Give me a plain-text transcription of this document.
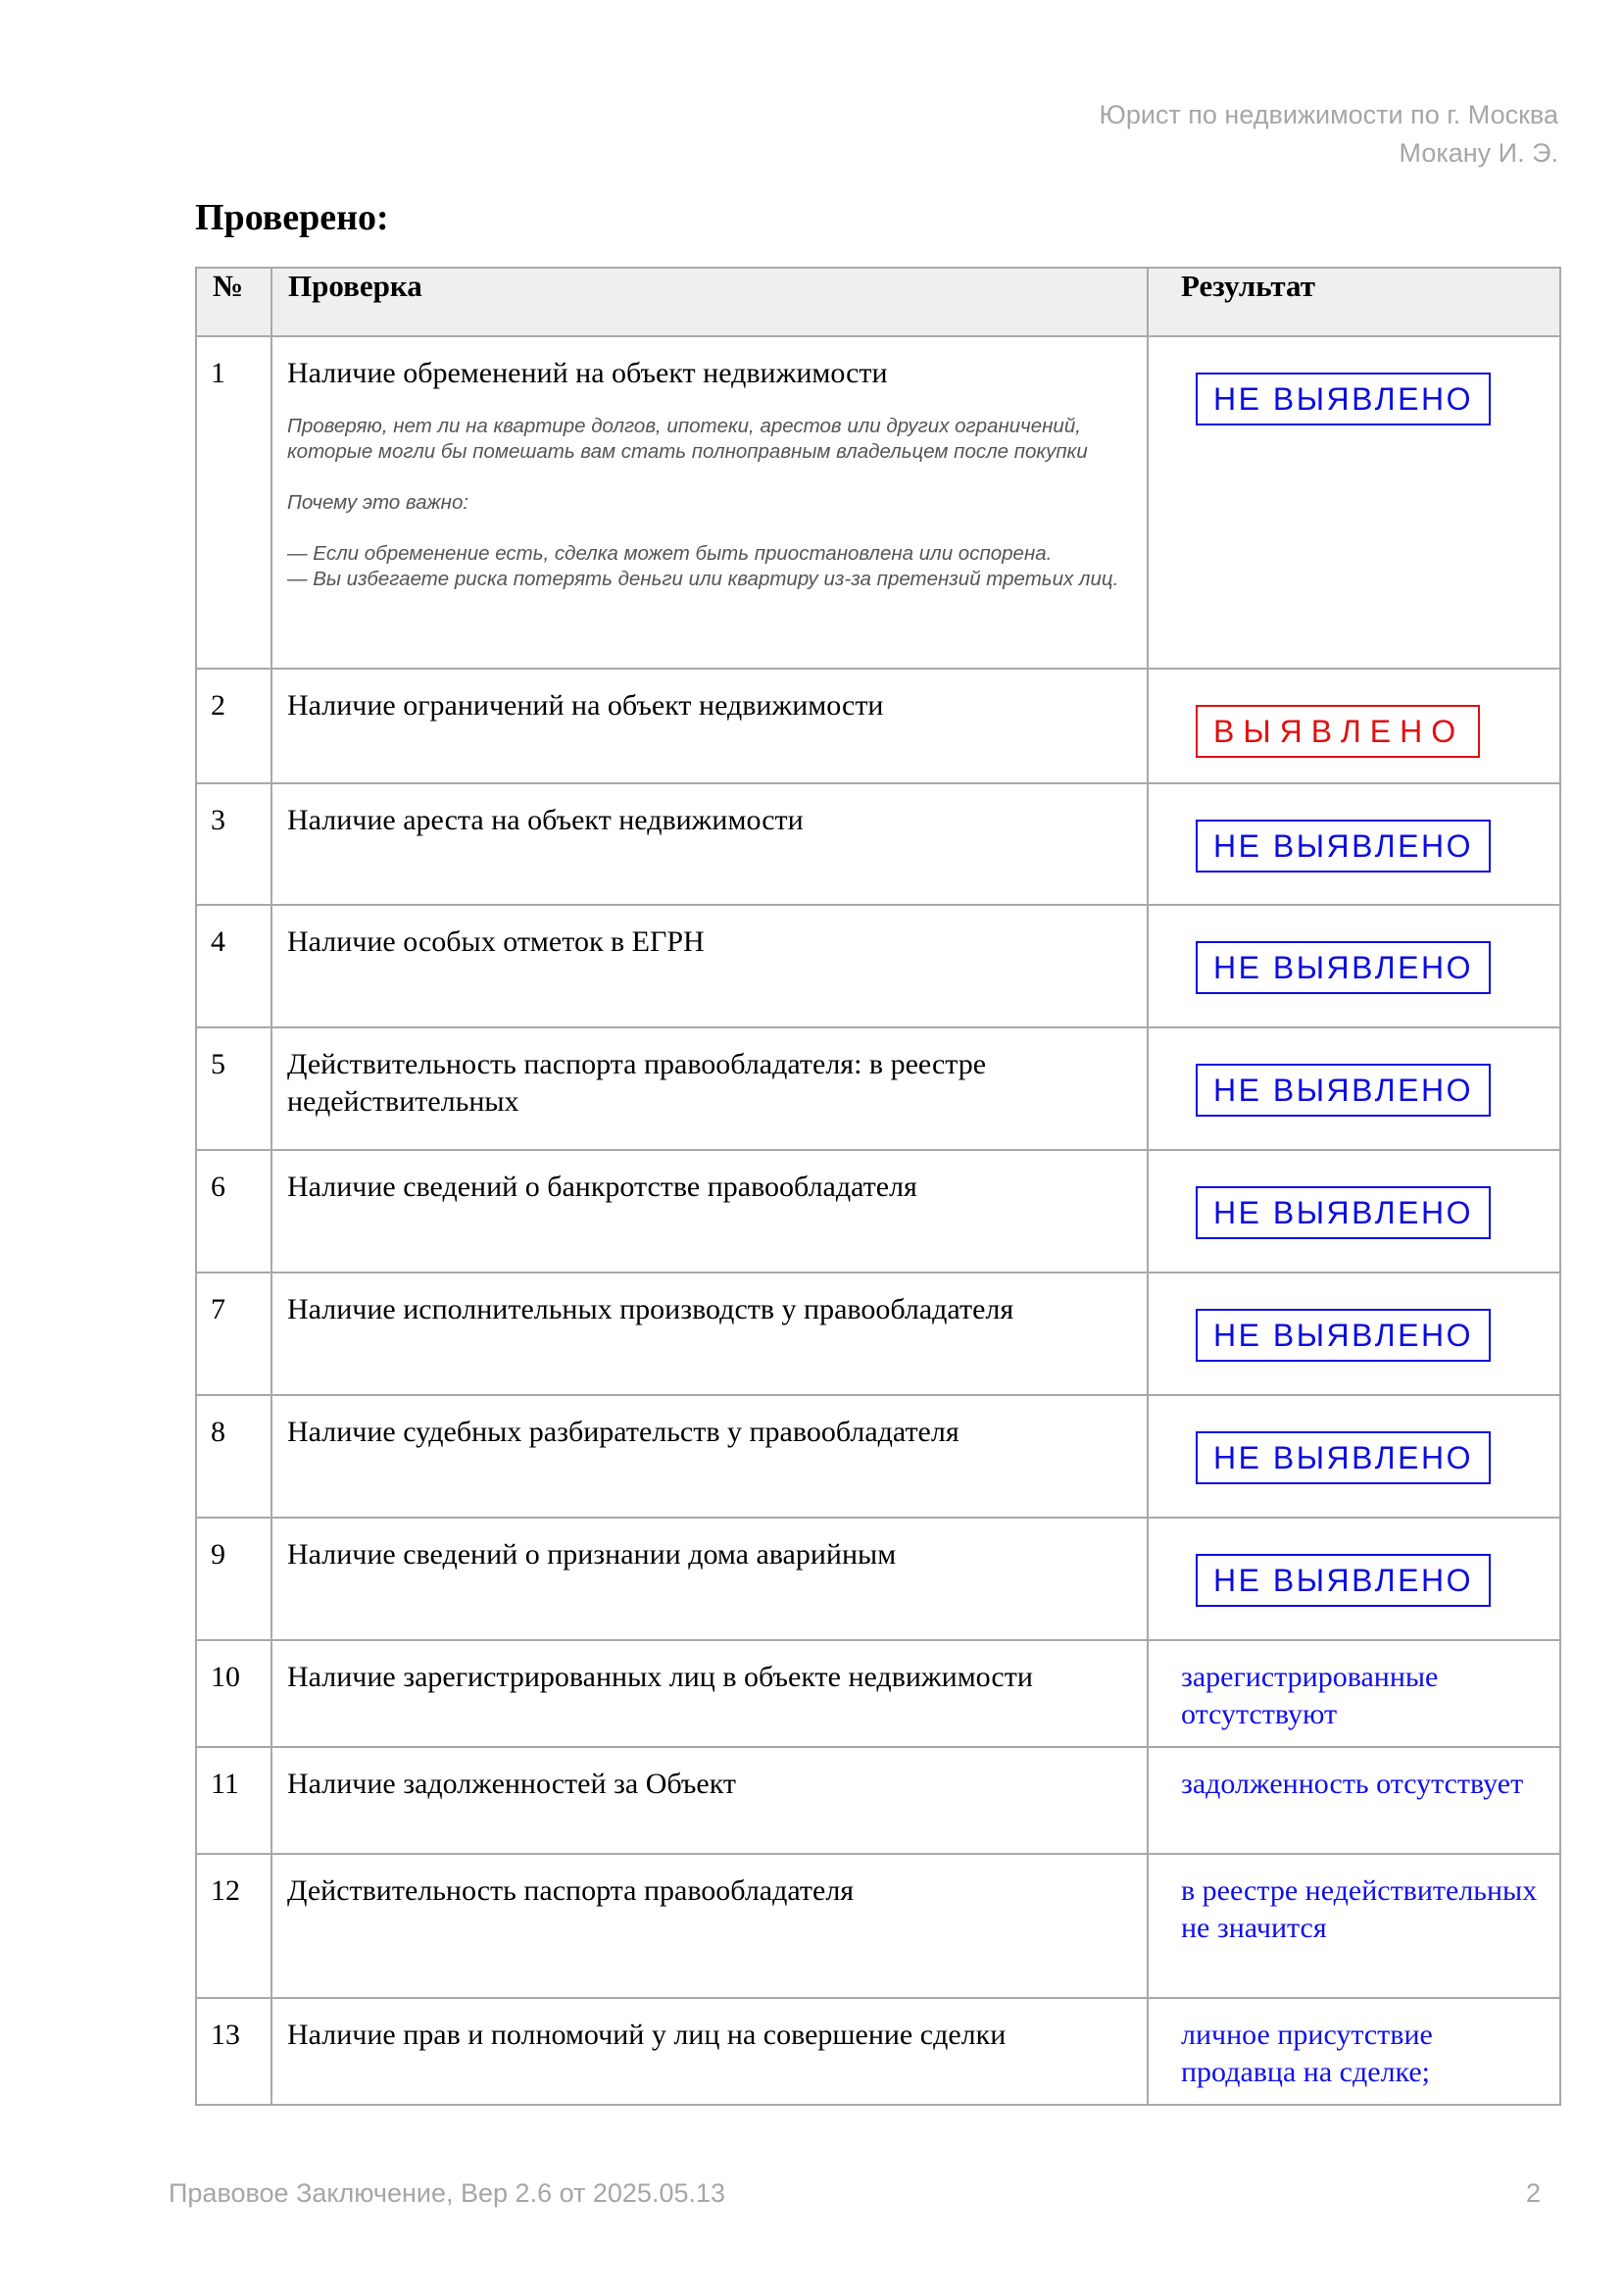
Юрист по недвижимости по г. Москва
Мокану И. Э.
Проверено:
№	Проверка	Результат
1	Наличие обременений на объект недвижимости

Проверяю, нет ли на квартире долгов, ипотеки, арестов или других ограничений, которые могли бы помешать вам стать полноправным владельцем после покупки

Почему это важно:

— Если обременение есть, сделка может быть приостановлена или оспорена.
— Вы избегаете риска потерять деньги или квартиру из-за претензий третьих лиц.	НЕ ВЫЯВЛЕНО
2	Наличие ограничений на объект недвижимости	ВЫЯВЛЕНО
3	Наличие ареста на объект недвижимости	НЕ ВЫЯВЛЕНО
4	Наличие особых отметок в ЕГРН	НЕ ВЫЯВЛЕНО
5	Действительность паспорта правообладателя: в реестре недействительных	НЕ ВЫЯВЛЕНО
6	Наличие сведений о банкротстве правообладателя	НЕ ВЫЯВЛЕНО
7	Наличие исполнительных производств у правообладателя	НЕ ВЫЯВЛЕНО
8	Наличие судебных разбирательств у правообладателя	НЕ ВЫЯВЛЕНО
9	Наличие сведений о признании дома аварийным	НЕ ВЫЯВЛЕНО
10	Наличие зарегистрированных лиц в объекте недвижимости	зарегистрированные отсутствуют

11	Наличие задолженностей за Объект	задолженность отсутствует

12	Действительность паспорта правообладателя	в реестре недействительных не значится

13	Наличие прав и полномочий у лиц на совершение сделки	личное присутствие продавца на сделке;
Правовое Заключение, Вер 2.6 от 2025.05.13	2
